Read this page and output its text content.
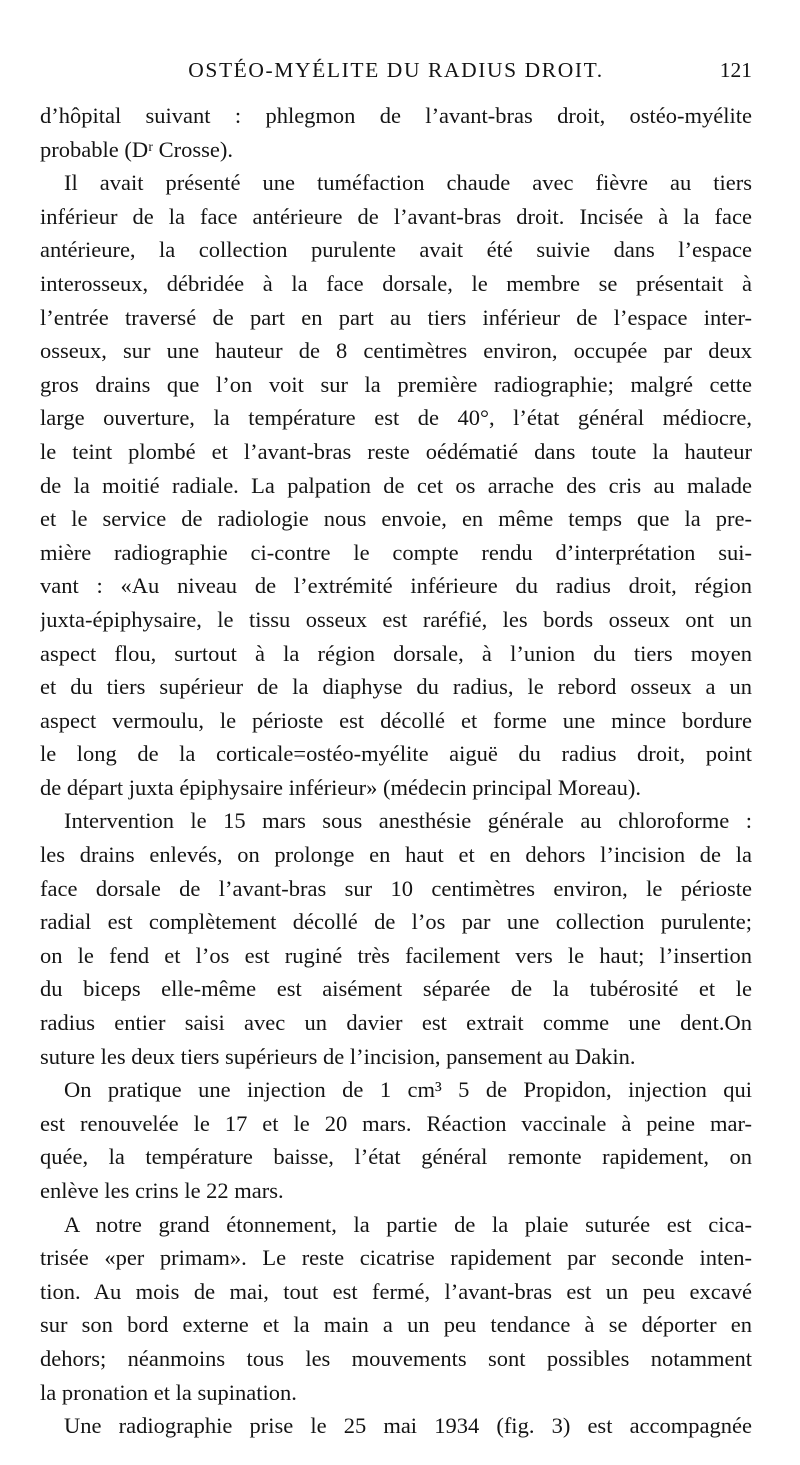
OSTÉO-MYÉLITE DU RADIUS DROIT.	121
d’hôpital suivant : phlegmon de l’avant-bras droit, ostéo-myélite
probable (Dʳ Crosse).
Il avait présenté une tuméfaction chaude avec fièvre au tiers
inférieur de la face antérieure de l’avant-bras droit. Incisée à la face
antérieure, la collection purulente avait été suivie dans l’espace
interosseux, débridée à la face dorsale, le membre se présentait à
l’entrée traversé de part en part au tiers inférieur de l’espace inter-
osseux, sur une hauteur de 8 centimètres environ, occupée par deux
gros drains que l’on voit sur la première radiographie; malgré cette
large ouverture, la température est de 40°, l’état général médiocre,
le teint plombé et l’avant-bras reste oédématié dans toute la hauteur
de la moitié radiale. La palpation de cet os arrache des cris au malade
et le service de radiologie nous envoie, en même temps que la pre-
mière radiographie ci-contre le compte rendu d’interprétation sui-
vant : «Au niveau de l’extrémité inférieure du radius droit, région
juxta-épiphysaire, le tissu osseux est raréfié, les bords osseux ont un
aspect flou, surtout à la région dorsale, à l’union du tiers moyen
et du tiers supérieur de la diaphyse du radius, le rebord osseux a un
aspect vermoulu, le périoste est décollé et forme une mince bordure
le long de la corticale=ostéo-myélite aiguë du radius droit, point
de départ juxta épiphysaire inférieur» (médecin principal Moreau).
Intervention le 15 mars sous anesthésie générale au chloroforme :
les drains enlevés, on prolonge en haut et en dehors l’incision de la
face dorsale de l’avant-bras sur 10 centimètres environ, le périoste
radial est complètement décollé de l’os par une collection purulente;
on le fend et l’os est ruginé très facilement vers le haut; l’insertion
du biceps elle-même est aisément séparée de la tubérosité et le
radius entier saisi avec un davier est extrait comme une dent.On
suture les deux tiers supérieurs de l’incision, pansement au Dakin.
On pratique une injection de 1 cm³ 5 de Propidon, injection qui
est renouvelée le 17 et le 20 mars. Réaction vaccinale à peine mar-
quée, la température baisse, l’état général remonte rapidement, on
enlève les crins le 22 mars.
A notre grand étonnement, la partie de la plaie suturée est cica-
trisée «per primam». Le reste cicatrise rapidement par seconde inten-
tion. Au mois de mai, tout est fermé, l’avant-bras est un peu excavé
sur son bord externe et la main a un peu tendance à se déporter en
dehors; néanmoins tous les mouvements sont possibles notamment
la pronation et la supination.
Une radiographie prise le 25 mai 1934 (fig. 3) est accompagnée
